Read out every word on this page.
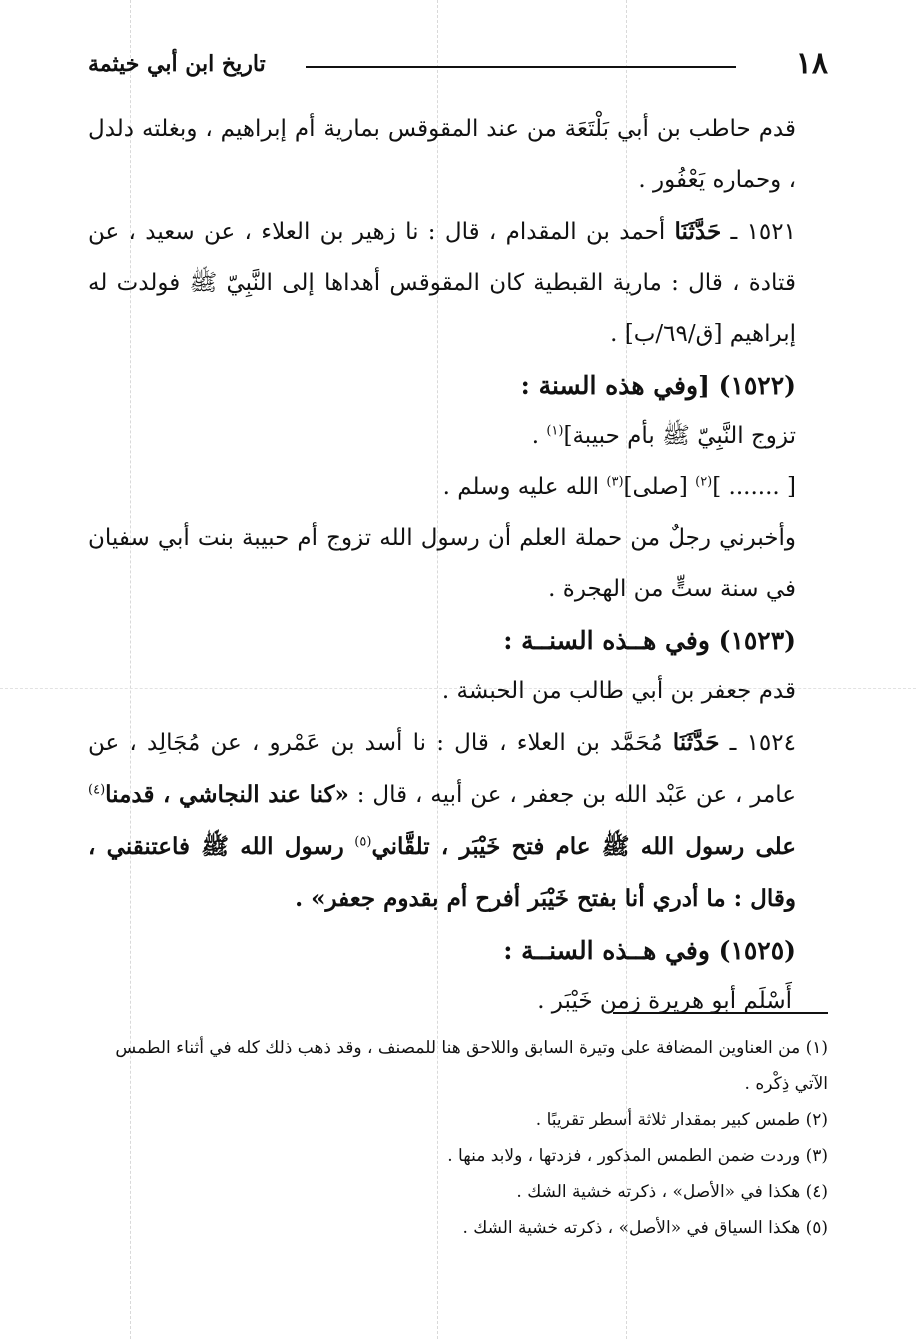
١٨
تاريخ ابن أبي خيثمة

قدم حاطب بن أبي بَلْتَعَة من عند المقوقس بمارية أم إبراهيم ، وبغلته دلدل ، وحماره يَعْفُور .

١٥٢١ ـ حَدَّثَنَا أحمد بن المقدام ، قال : نا زهير بن العلاء ، عن سعيد ، عن قتادة ، قال : مارية القبطية كان المقوقس أهداها إلى النَّبِيّ ﷺ فولدت له إبراهيم [ق/٦٩/ب] .

(١٥٢٢) [وفي هذه السنة :

تزوج النَّبِيّ ﷺ بأم حبيبة]$^{(١)}$ .

[ ....... ]$^{(٢)}$ [صلى]$^{(٣)}$ الله عليه وسلم .

وأخبرني رجلٌ من حملة العلم أن رسول الله تزوج أم حبيبة بنت أبي سفيان في سنة ستٍّ من الهجرة .

(١٥٢٣) وفي هــذه السنــة :

قدم جعفر بن أبي طالب من الحبشة .

١٥٢٤ ـ حَدَّثَنَا مُحَمَّد بن العلاء ، قال : نا أسد بن عَمْرو ، عن مُجَالِد ، عن عامر ، عن عَبْد الله بن جعفر ، عن أبيه ، قال : «كنا عند النجاشي ، قدمنا$^{(٤)}$ على رسول الله ﷺ عام فتح خَيْبَر ، تلقَّاني$^{(٥)}$ رسول الله ﷺ فاعتنقني ، وقال : ما أدري أنا بفتح خَيْبَر أفرح أم بقدوم جعفر» .

(١٥٢٥) وفي هــذه السنــة :

أَسْلَم أبو هريرة زمن خَيْبَر .

(١) من العناوين المضافة على وتيرة السابق واللاحق هنا للمصنف ، وقد ذهب ذلك كله في أثناء الطمس

الآتي ذِكْره .

(٢) طمس كبير بمقدار ثلاثة أسطر تقريبًا .

(٣) وردت ضمن الطمس المذكور ، فزدتها ، ولابد منها .

(٤) هكذا في «الأصل» ، ذكرته خشية الشك .

(٥) هكذا السياق في «الأصل» ، ذكرته خشية الشك .
